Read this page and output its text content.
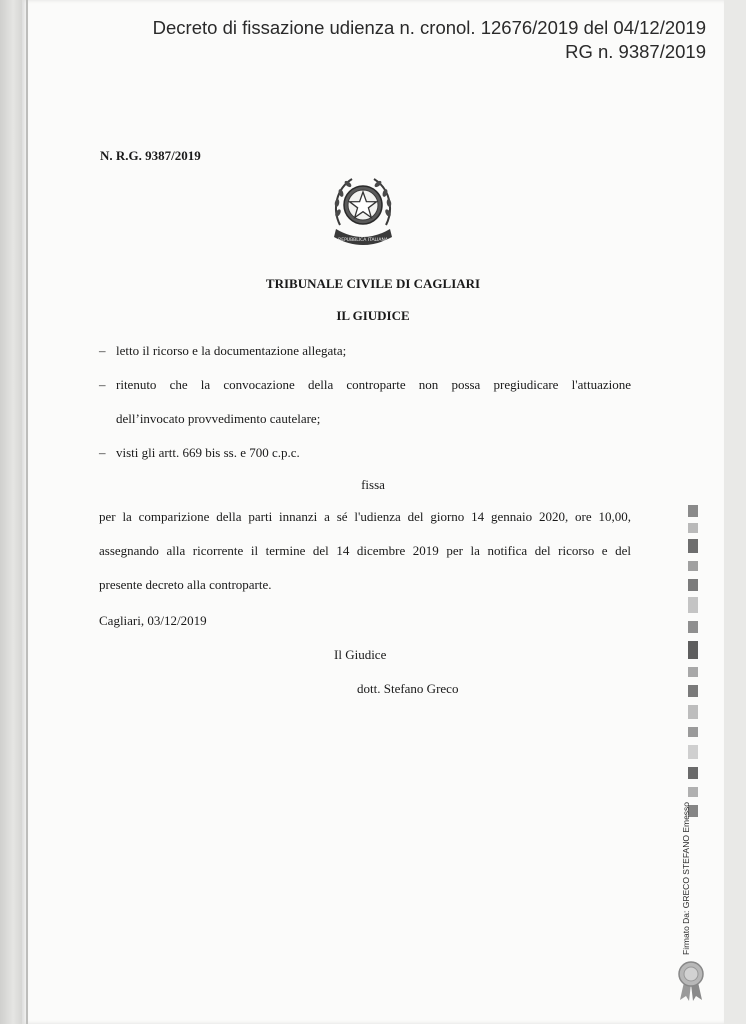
Decreto di fissazione udienza n. cronol. 12676/2019 del 04/12/2019
RG n. 9387/2019
N. R.G. 9387/2019
REPUBBLICA ITALIANA
TRIBUNALE CIVILE DI CAGLIARI
IL GIUDICE
– letto il ricorso e la documentazione allegata;
– ritenuto che la convocazione della controparte non possa pregiudicare l'attuazione
dell’invocato provvedimento cautelare;
– visti gli artt. 669 bis ss. e 700 c.p.c.
fissa
per la comparizione della parti innanzi a sé l'udienza del giorno 14 gennaio 2020, ore 10,00,
assegnando alla ricorrente il termine del 14 dicembre 2019 per la notifica del ricorso e del
presente decreto alla controparte.
Cagliari, 03/12/2019
Il Giudice
dott. Stefano Greco
Firmato Da: GRECO STEFANO Emesso
